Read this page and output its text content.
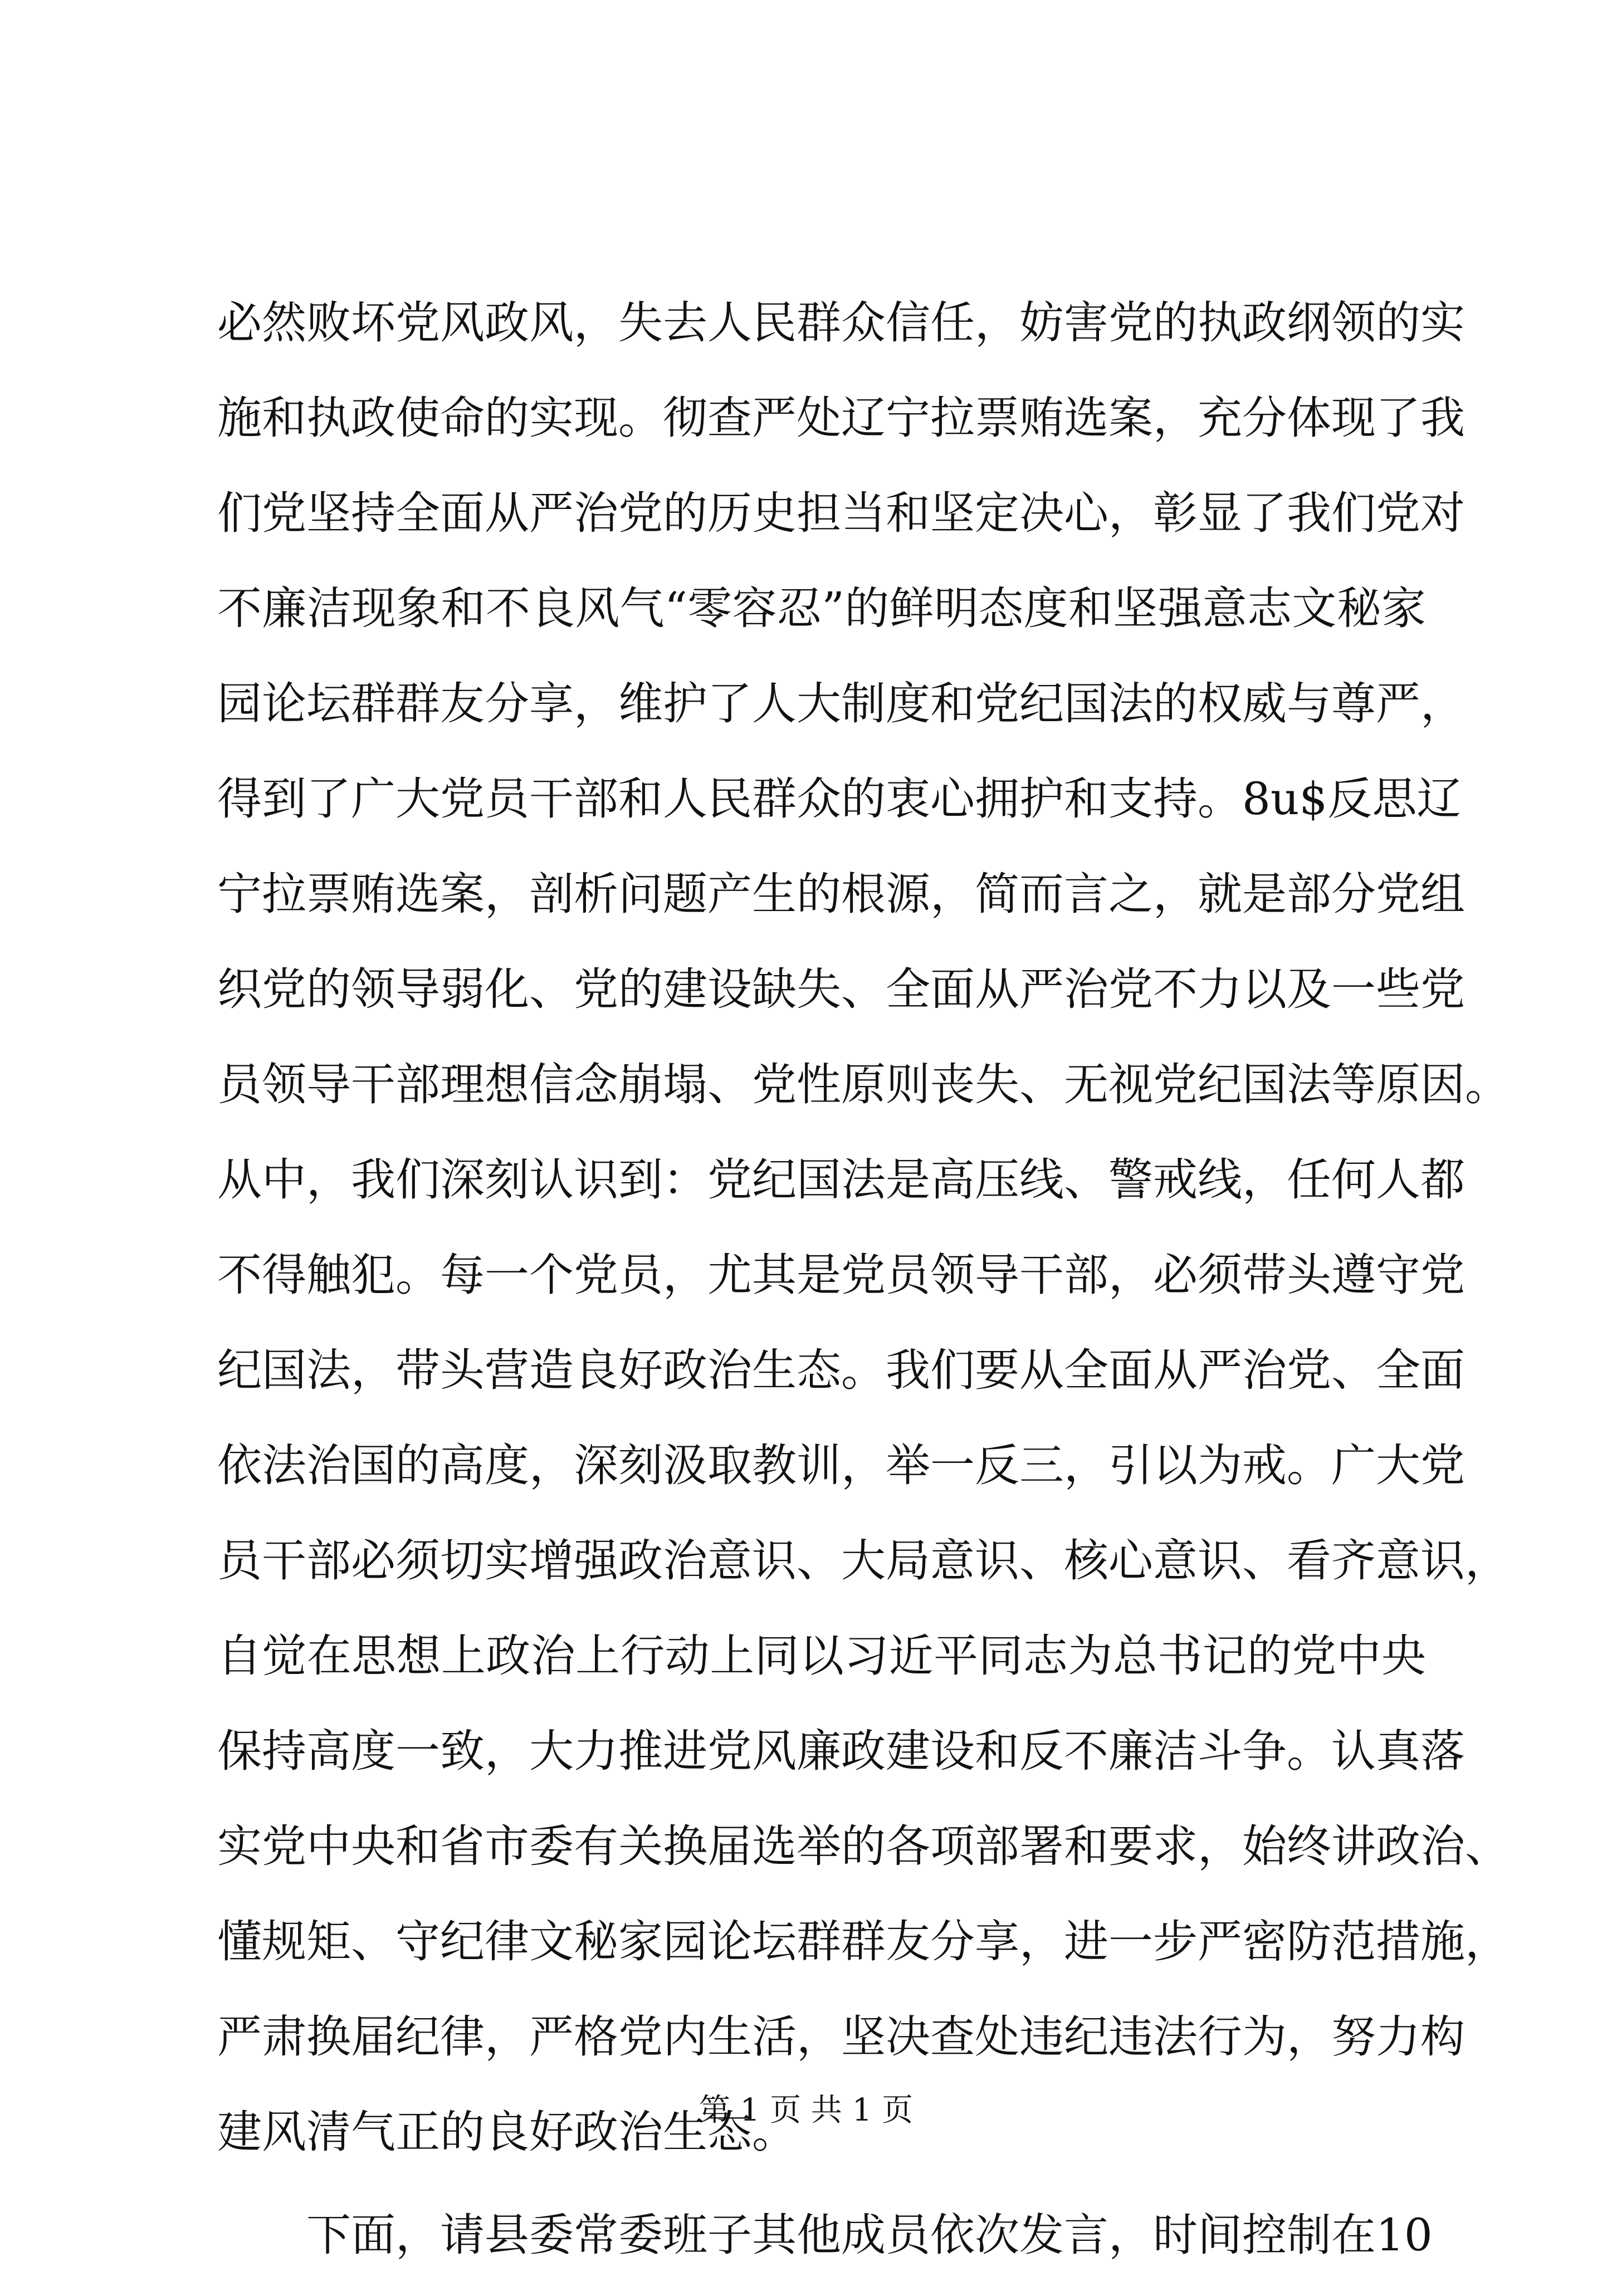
必然败坏党风政风，失去人民群众信任，妨害党的执政纲领的实
施和执政使命的实现。彻查严处辽宁拉票贿选案，充分体现了我
们党坚持全面从严治党的历史担当和坚定决心，彰显了我们党对
不廉洁现象和不良风气“零容忍”的鲜明态度和坚强意志文秘家
园论坛群群友分享，维护了人大制度和党纪国法的权威与尊严，
得到了广大党员干部和人民群众的衷心拥护和支持。8u$反思辽
宁拉票贿选案，剖析问题产生的根源，简而言之，就是部分党组
织党的领导弱化、党的建设缺失、全面从严治党不力以及一些党
员领导干部理想信念崩塌、党性原则丧失、无视党纪国法等原因。
从中，我们深刻认识到：党纪国法是高压线、警戒线，任何人都
不得触犯。每一个党员，尤其是党员领导干部，必须带头遵守党
纪国法，带头营造良好政治生态。我们要从全面从严治党、全面
依法治国的高度，深刻汲取教训，举一反三，引以为戒。广大党
员干部必须切实增强政治意识、大局意识、核心意识、看齐意识，
自觉在思想上政治上行动上同以习近平同志为总书记的党中央
保持高度一致，大力推进党风廉政建设和反不廉洁斗争。认真落
实党中央和省市委有关换届选举的各项部署和要求，始终讲政治、
懂规矩、守纪律文秘家园论坛群群友分享，进一步严密防范措施，
严肃换届纪律，严格党内生活，坚决查处违纪违法行为，努力构
建风清气正的良好政治生态。
下面，请县委常委班子其他成员依次发言，时间控制在10
第 1 页 共 1 页
